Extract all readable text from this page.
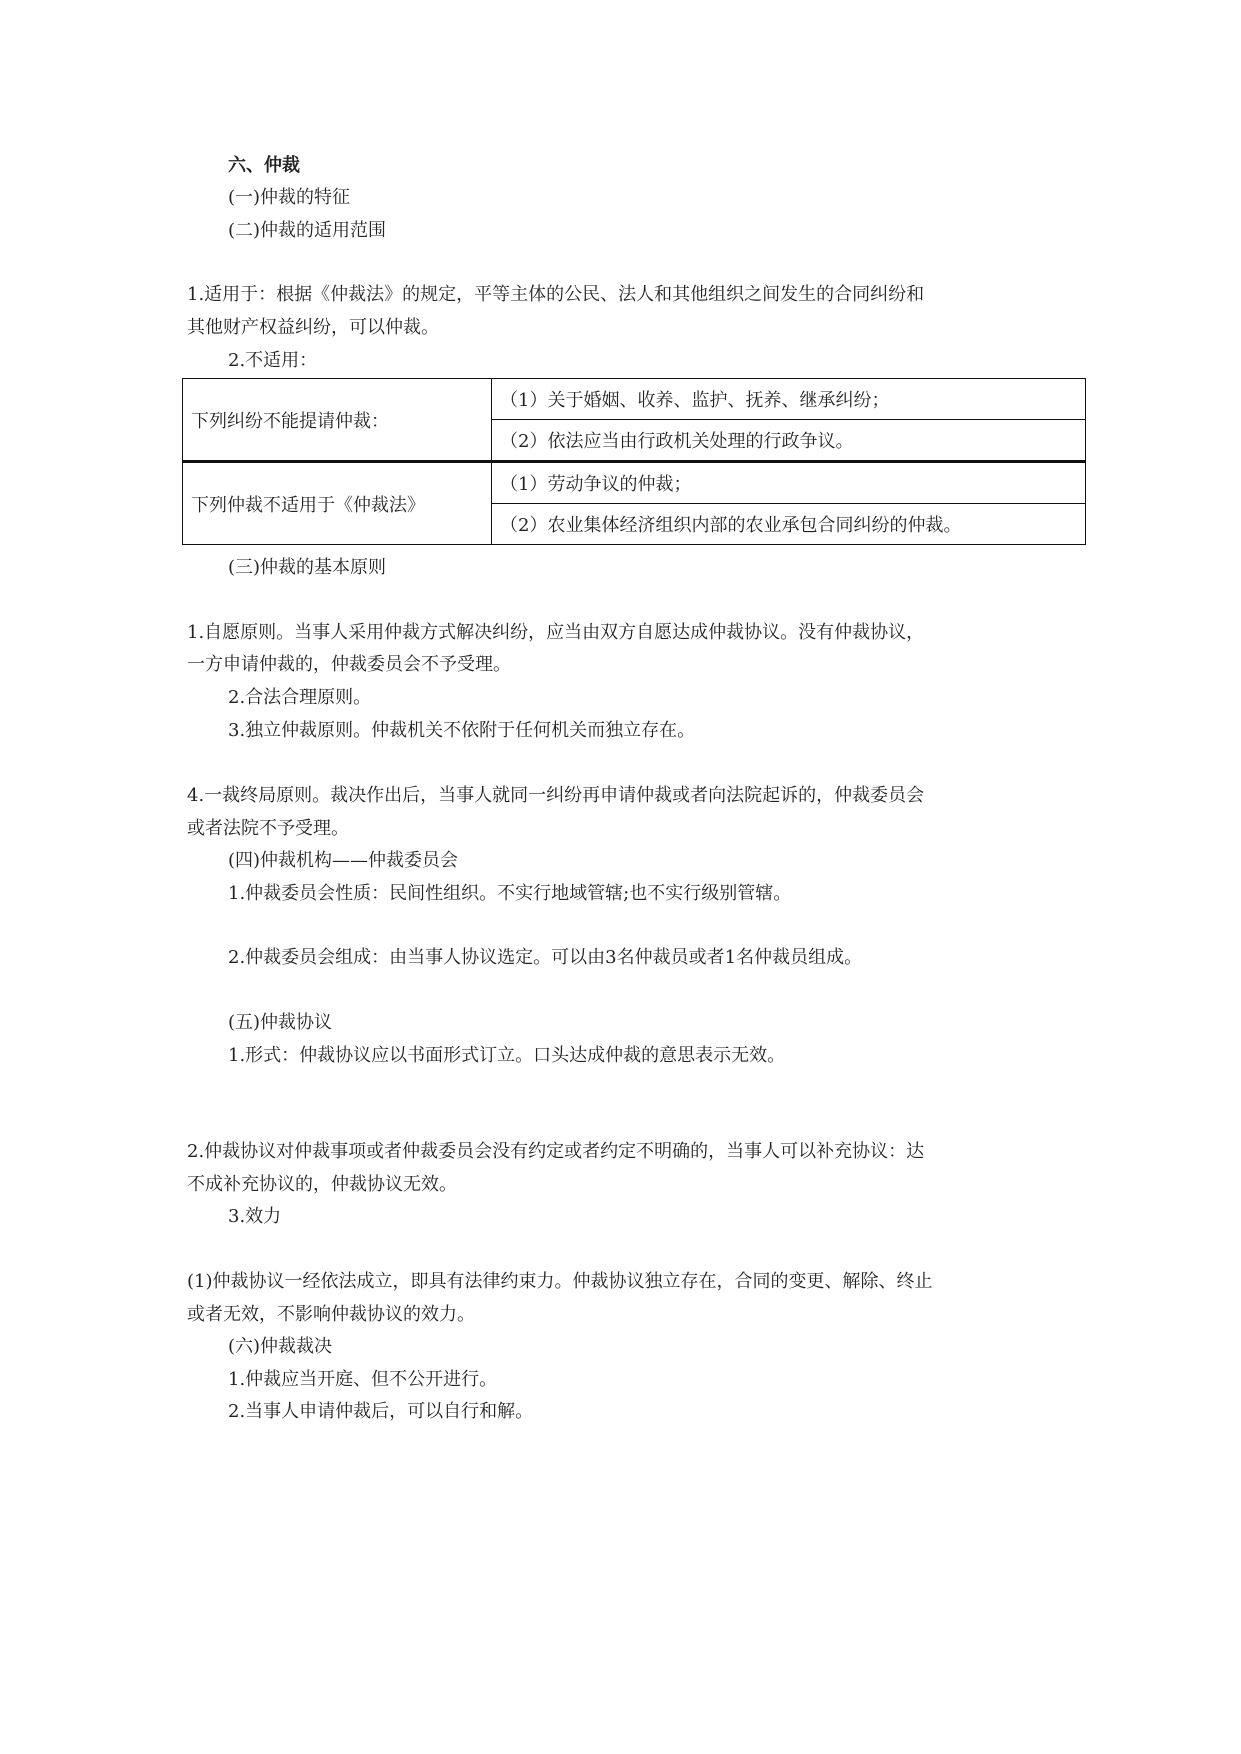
六、仲裁
(一)仲裁的特征
(二)仲裁的适用范围
1.适用于：根据《仲裁法》的规定，平等主体的公民、法人和其他组织之间发生的合同纠纷和
其他财产权益纠纷，可以仲裁。
2.不适用：
下列纠纷不能提请仲裁：	（1）关于婚姻、收养、监护、抚养、继承纠纷；
	（2）依法应当由行政机关处理的行政争议。
下列仲裁不适用于《仲裁法》	（1）劳动争议的仲裁；
	（2）农业集体经济组织内部的农业承包合同纠纷的仲裁。
(三)仲裁的基本原则
1.自愿原则。当事人采用仲裁方式解决纠纷，应当由双方自愿达成仲裁协议。没有仲裁协议，
一方申请仲裁的，仲裁委员会不予受理。
2.合法合理原则。
3.独立仲裁原则。仲裁机关不依附于任何机关而独立存在。
4.一裁终局原则。裁决作出后，当事人就同一纠纷再申请仲裁或者向法院起诉的，仲裁委员会
或者法院不予受理。
(四)仲裁机构——仲裁委员会
1.仲裁委员会性质：民间性组织。不实行地域管辖;也不实行级别管辖。
2.仲裁委员会组成：由当事人协议选定。可以由3名仲裁员或者1名仲裁员组成。
(五)仲裁协议
1.形式：仲裁协议应以书面形式订立。口头达成仲裁的意思表示无效。
2.仲裁协议对仲裁事项或者仲裁委员会没有约定或者约定不明确的，当事人可以补充协议：达
不成补充协议的，仲裁协议无效。
3.效力
(1)仲裁协议一经依法成立，即具有法律约束力。仲裁协议独立存在，合同的变更、解除、终止
或者无效，不影响仲裁协议的效力。
(六)仲裁裁决
1.仲裁应当开庭、但不公开进行。
2.当事人申请仲裁后，可以自行和解。
